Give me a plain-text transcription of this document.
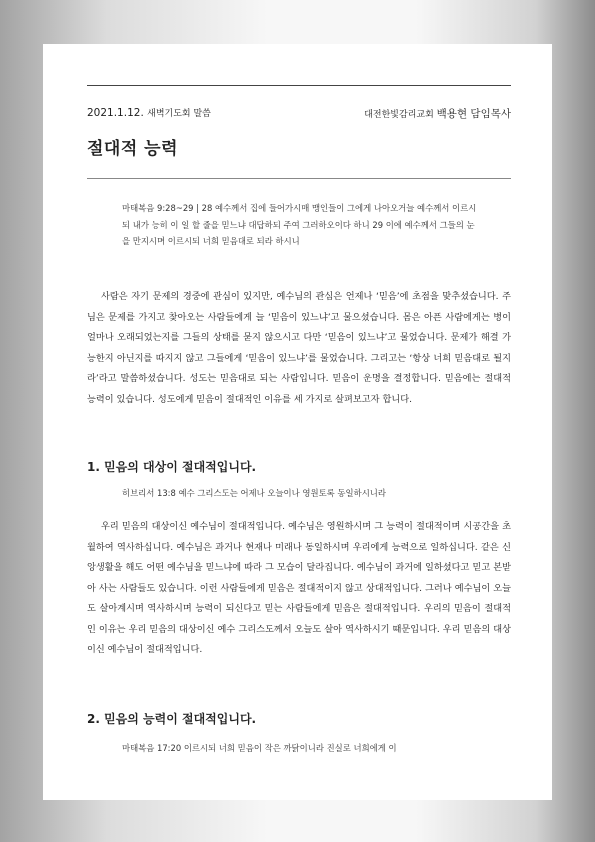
2021.1.12. 새벽기도회 말씀	대전한빛감리교회 백용현 담임목사
절대적 능력

마태복음 9:28~29 | 28 예수께서 집에 들어가시매 맹인들이 그에게 나아오거늘 예수께서 이르시되 내가 능히 이 일 할 줄을 믿느냐 대답하되 주여 그러하오이다 하니 29 이에 예수께서 그들의 눈을 만지시며 이르시되 너희 믿음대로 되라 하시니

사람은 자기 문제의 경중에 관심이 있지만, 예수님의 관심은 언제나 ‘믿음’에 초점을 맞추셨습니다. 주님은 문제를 가지고 찾아오는 사람들에게 늘 ‘믿음이 있느냐’고 물으셨습니다. 몸은 아픈 사람에게는 병이 얼마나 오래되었는지를 그들의 상태를 묻지 않으시고 다만 ‘믿음이 있느냐’고 물었습니다. 문제가 해결 가능한지 아닌지를 따지지 않고 그들에게 ‘믿음이 있느냐’를 물었습니다. 그리고는 ‘항상 너희 믿음대로 될지라’라고 말씀하셨습니다. 성도는 믿음대로 되는 사람입니다. 믿음이 운명을 결정합니다. 믿음에는 절대적 능력이 있습니다. 성도에게 믿음이 절대적인 이유를 세 가지로 살펴보고자 합니다.

1. 믿음의 대상이 절대적입니다.

히브리서 13:8 예수 그리스도는 어제나 오늘이나 영원토록 동일하시니라

우리 믿음의 대상이신 예수님이 절대적입니다. 예수님은 영원하시며 그 능력이 절대적이며 시공간을 초월하여 역사하십니다. 예수님은 과거나 현재나 미래나 동일하시며 우리에게 능력으로 일하십니다. 같은 신앙생활을 해도 어떤 예수님을 믿느냐에 따라 그 모습이 달라집니다. 예수님이 과거에 일하셨다고 믿고 본받아 사는 사람들도 있습니다. 이런 사람들에게 믿음은 절대적이지 않고 상대적입니다. 그러나 예수님이 오늘도 살아계시며 역사하시며 능력이 되신다고 믿는 사람들에게 믿음은 절대적입니다. 우리의 믿음이 절대적인 이유는 우리 믿음의 대상이신 예수 그리스도께서 오늘도 살아 역사하시기 때문입니다. 우리 믿음의 대상이신 예수님이 절대적입니다.

2. 믿음의 능력이 절대적입니다.

마태복음 17:20 이르시되 너희 믿음이 작은 까닭이니라 진실로 너희에게 이
